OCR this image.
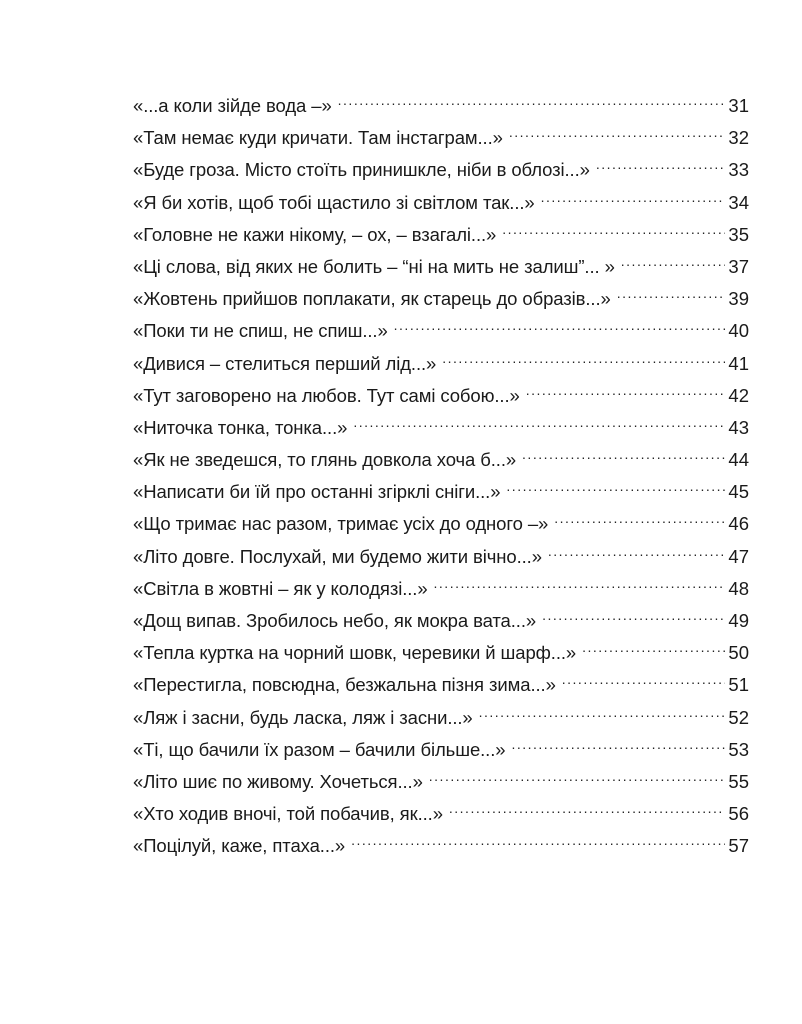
«...а коли зійде вода –» .....	31
«Там немає куди кричати. Там інстаграм...» .....	32
«Буде гроза. Місто стоїть принишкле, ніби в облозі...» .....	33
«Я би хотів, щоб тобі щастило зі світлом так...» .....	34
«Головне не кажи нікому, – ох, – взагалі...» .....	35
«Ці слова, від яких не болить – “ні на мить не залиш”... » .....	37
«Жовтень прийшов поплакати, як старець до образів...» .....	39
«Поки ти не спиш, не спиш...» .....	40
«Дивися – стелиться перший лід...» .....	41
«Тут заговорено на любов. Тут самі собою...» .....	42
«Ниточка тонка, тонка...» .....	43
«Як не зведешся, то глянь довкола хоча б...» .....	44
«Написати би їй про останні згірклі сніги...» .....	45
«Що тримає нас разом, тримає усіх до одного –» .....	46
«Літо довге. Послухай, ми будемо жити вічно...» .....	47
«Світла в жовтні – як у колодязі...» .....	48
«Дощ випав. Зробилось небо, як мокра вата...» .....	49
«Тепла куртка на чорний шовк, черевики й шарф...» .....	50
«Перестигла, повсюдна, безжальна пізня зима...» .....	51
«Ляж і засни, будь ласка, ляж і засни...» .....	52
«Ті, що бачили їх разом – бачили більше...» .....	53
«Літо шиє по живому. Хочеться...» .....	55
«Хто ходив вночі, той побачив, як...» .....	56
«Поцілуй, каже, птаха...» .....	57
